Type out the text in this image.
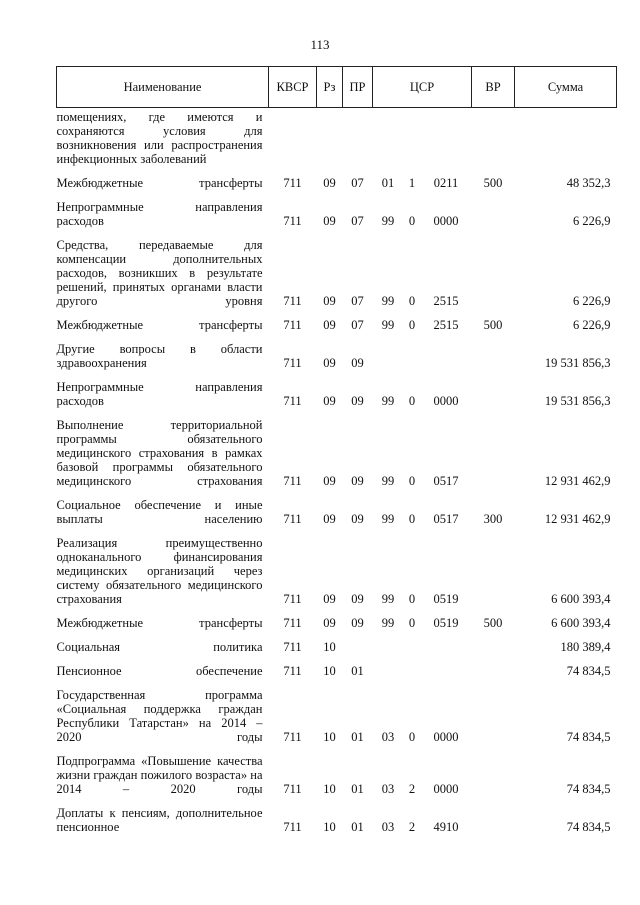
113
Наименование	КВСР	Рз	ПР	ЦСР			ВР	Сумма
помещениях, где имеются и сохраняются условия для возникновения или распространения инфекционных заболеваний								
Межбюджетные трансферты	711	09	07	01	1	0211	500	48 352,3
Непрограммные направления расходов	711	09	07	99	0	0000		6 226,9
Средства, передаваемые для компенсации дополнительных расходов, возникших в результате решений, принятых органами власти другого уровня	711	09	07	99	0	2515		6 226,9
Межбюджетные трансферты	711	09	07	99	0	2515	500	6 226,9
Другие вопросы в области здравоохранения	711	09	09					19 531 856,3
Непрограммные направления расходов	711	09	09	99	0	0000		19 531 856,3
Выполнение территориальной программы обязательного медицинского страхования в рамках базовой программы обязательного медицинского страхования	711	09	09	99	0	0517		12 931 462,9
Социальное обеспечение и иные выплаты населению	711	09	09	99	0	0517	300	12 931 462,9
Реализация преимущественно одноканального финансирования медицинских организаций через систему обязательного медицинского страхования	711	09	09	99	0	0519		6 600 393,4
Межбюджетные трансферты	711	09	09	99	0	0519	500	6 600 393,4
Социальная политика	711	10						180 389,4
Пенсионное обеспечение	711	10	01					74 834,5
Государственная программа «Социальная поддержка граждан Республики Татарстан» на 2014 – 2020 годы	711	10	01	03	0	0000		74 834,5
Подпрограмма «Повышение качества жизни граждан пожилого возраста» на 2014 – 2020 годы	711	10	01	03	2	0000		74 834,5
Доплаты к пенсиям, дополнительное пенсионное	711	10	01	03	2	4910		74 834,5
